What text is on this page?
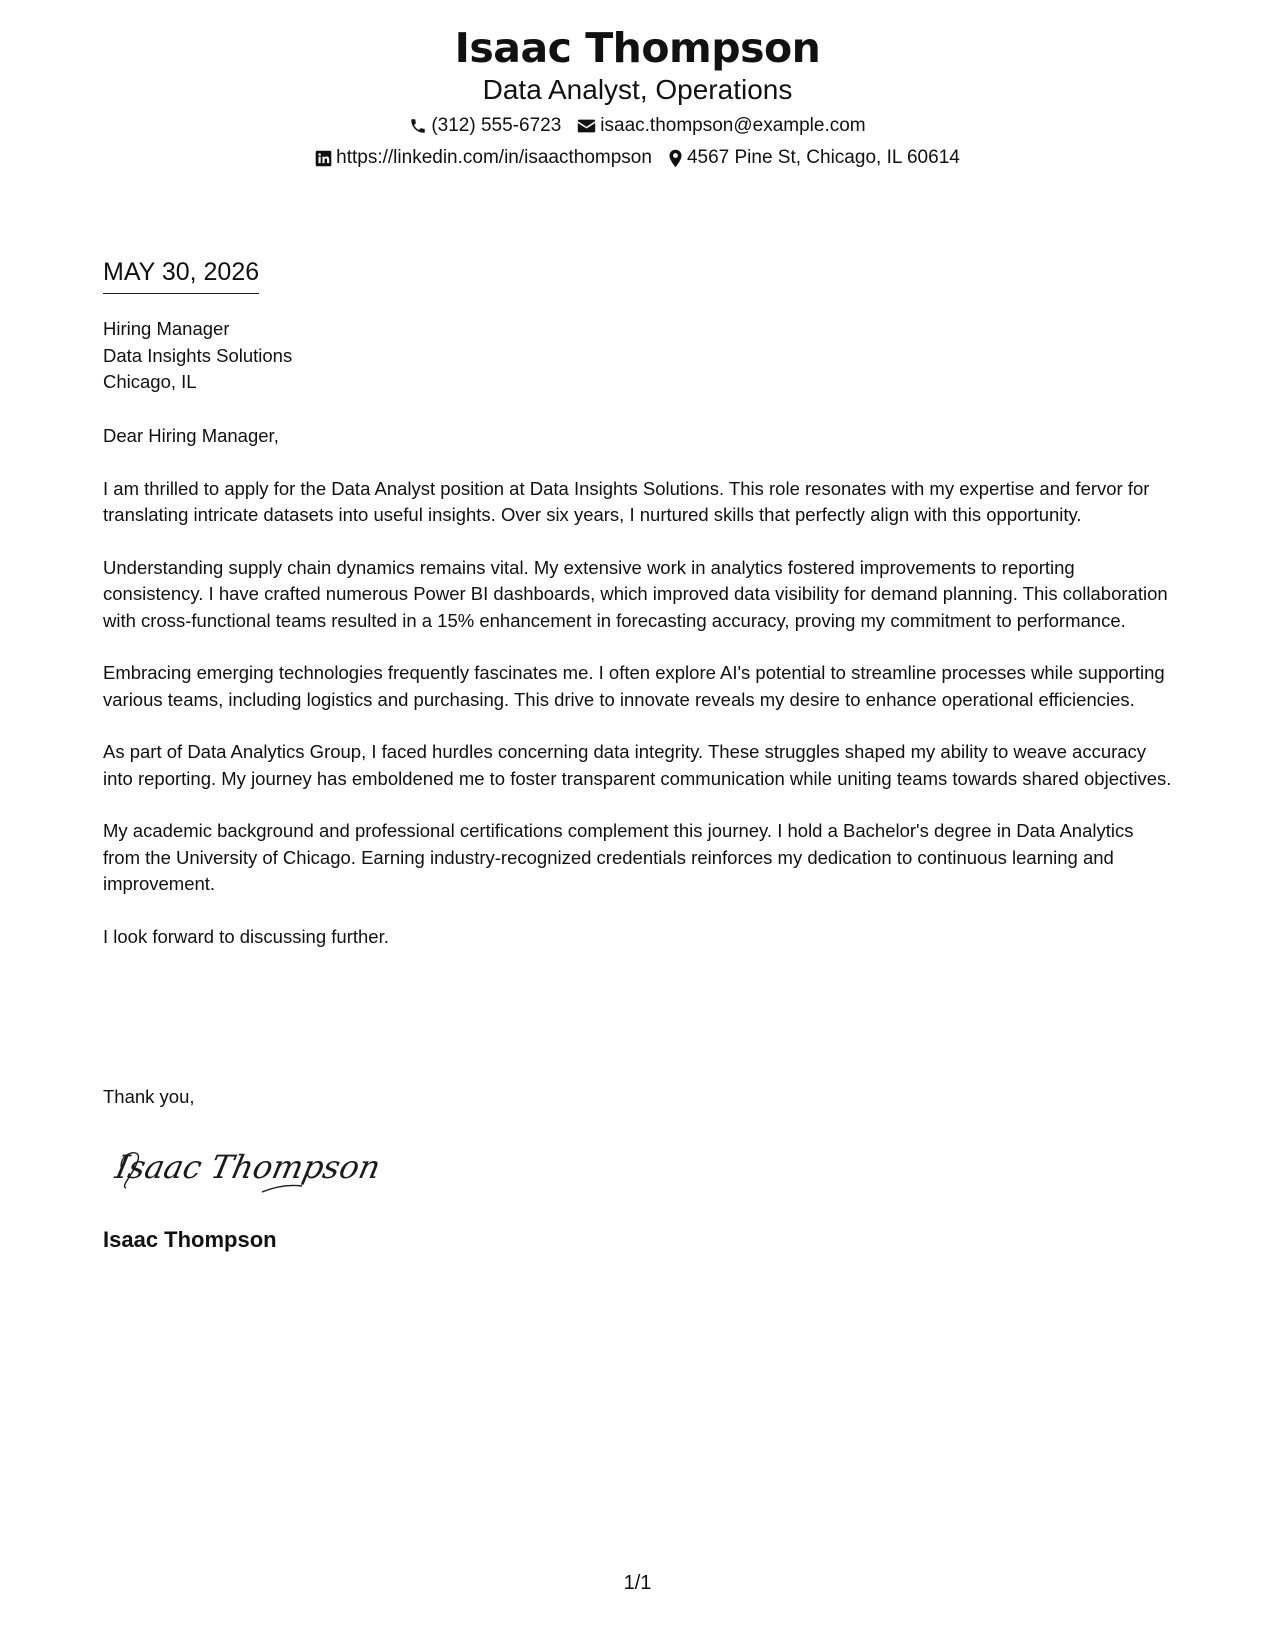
Isaac Thompson
Data Analyst, Operations
(312) 555-6723 isaac.thompson@example.com
https://linkedin.com/in/isaacthompson 4567 Pine St, Chicago, IL 60614
MAY 30, 2026
Hiring Manager
Data Insights Solutions
Chicago, IL

Dear Hiring Manager,

I am thrilled to apply for the Data Analyst position at Data Insights Solutions. This role resonates with my expertise and fervor for translating intricate datasets into useful insights. Over six years, I nurtured skills that perfectly align with this opportunity.

Understanding supply chain dynamics remains vital. My extensive work in analytics fostered improvements to reporting consistency. I have crafted numerous Power BI dashboards, which improved data visibility for demand planning. This collaboration with cross-functional teams resulted in a 15% enhancement in forecasting accuracy, proving my commitment to performance.

Embracing emerging technologies frequently fascinates me. I often explore AI's potential to streamline processes while supporting various teams, including logistics and purchasing. This drive to innovate reveals my desire to enhance operational efficiencies.

As part of Data Analytics Group, I faced hurdles concerning data integrity. These struggles shaped my ability to weave accuracy into reporting. My journey has emboldened me to foster transparent communication while uniting teams towards shared objectives.

My academic background and professional certifications complement this journey. I hold a Bachelor's degree in Data Analytics from the University of Chicago. Earning industry-recognized credentials reinforces my dedication to continuous learning and improvement.

I look forward to discussing further.

Thank you,
Isaac Thompson
Isaac Thompson
1/1
